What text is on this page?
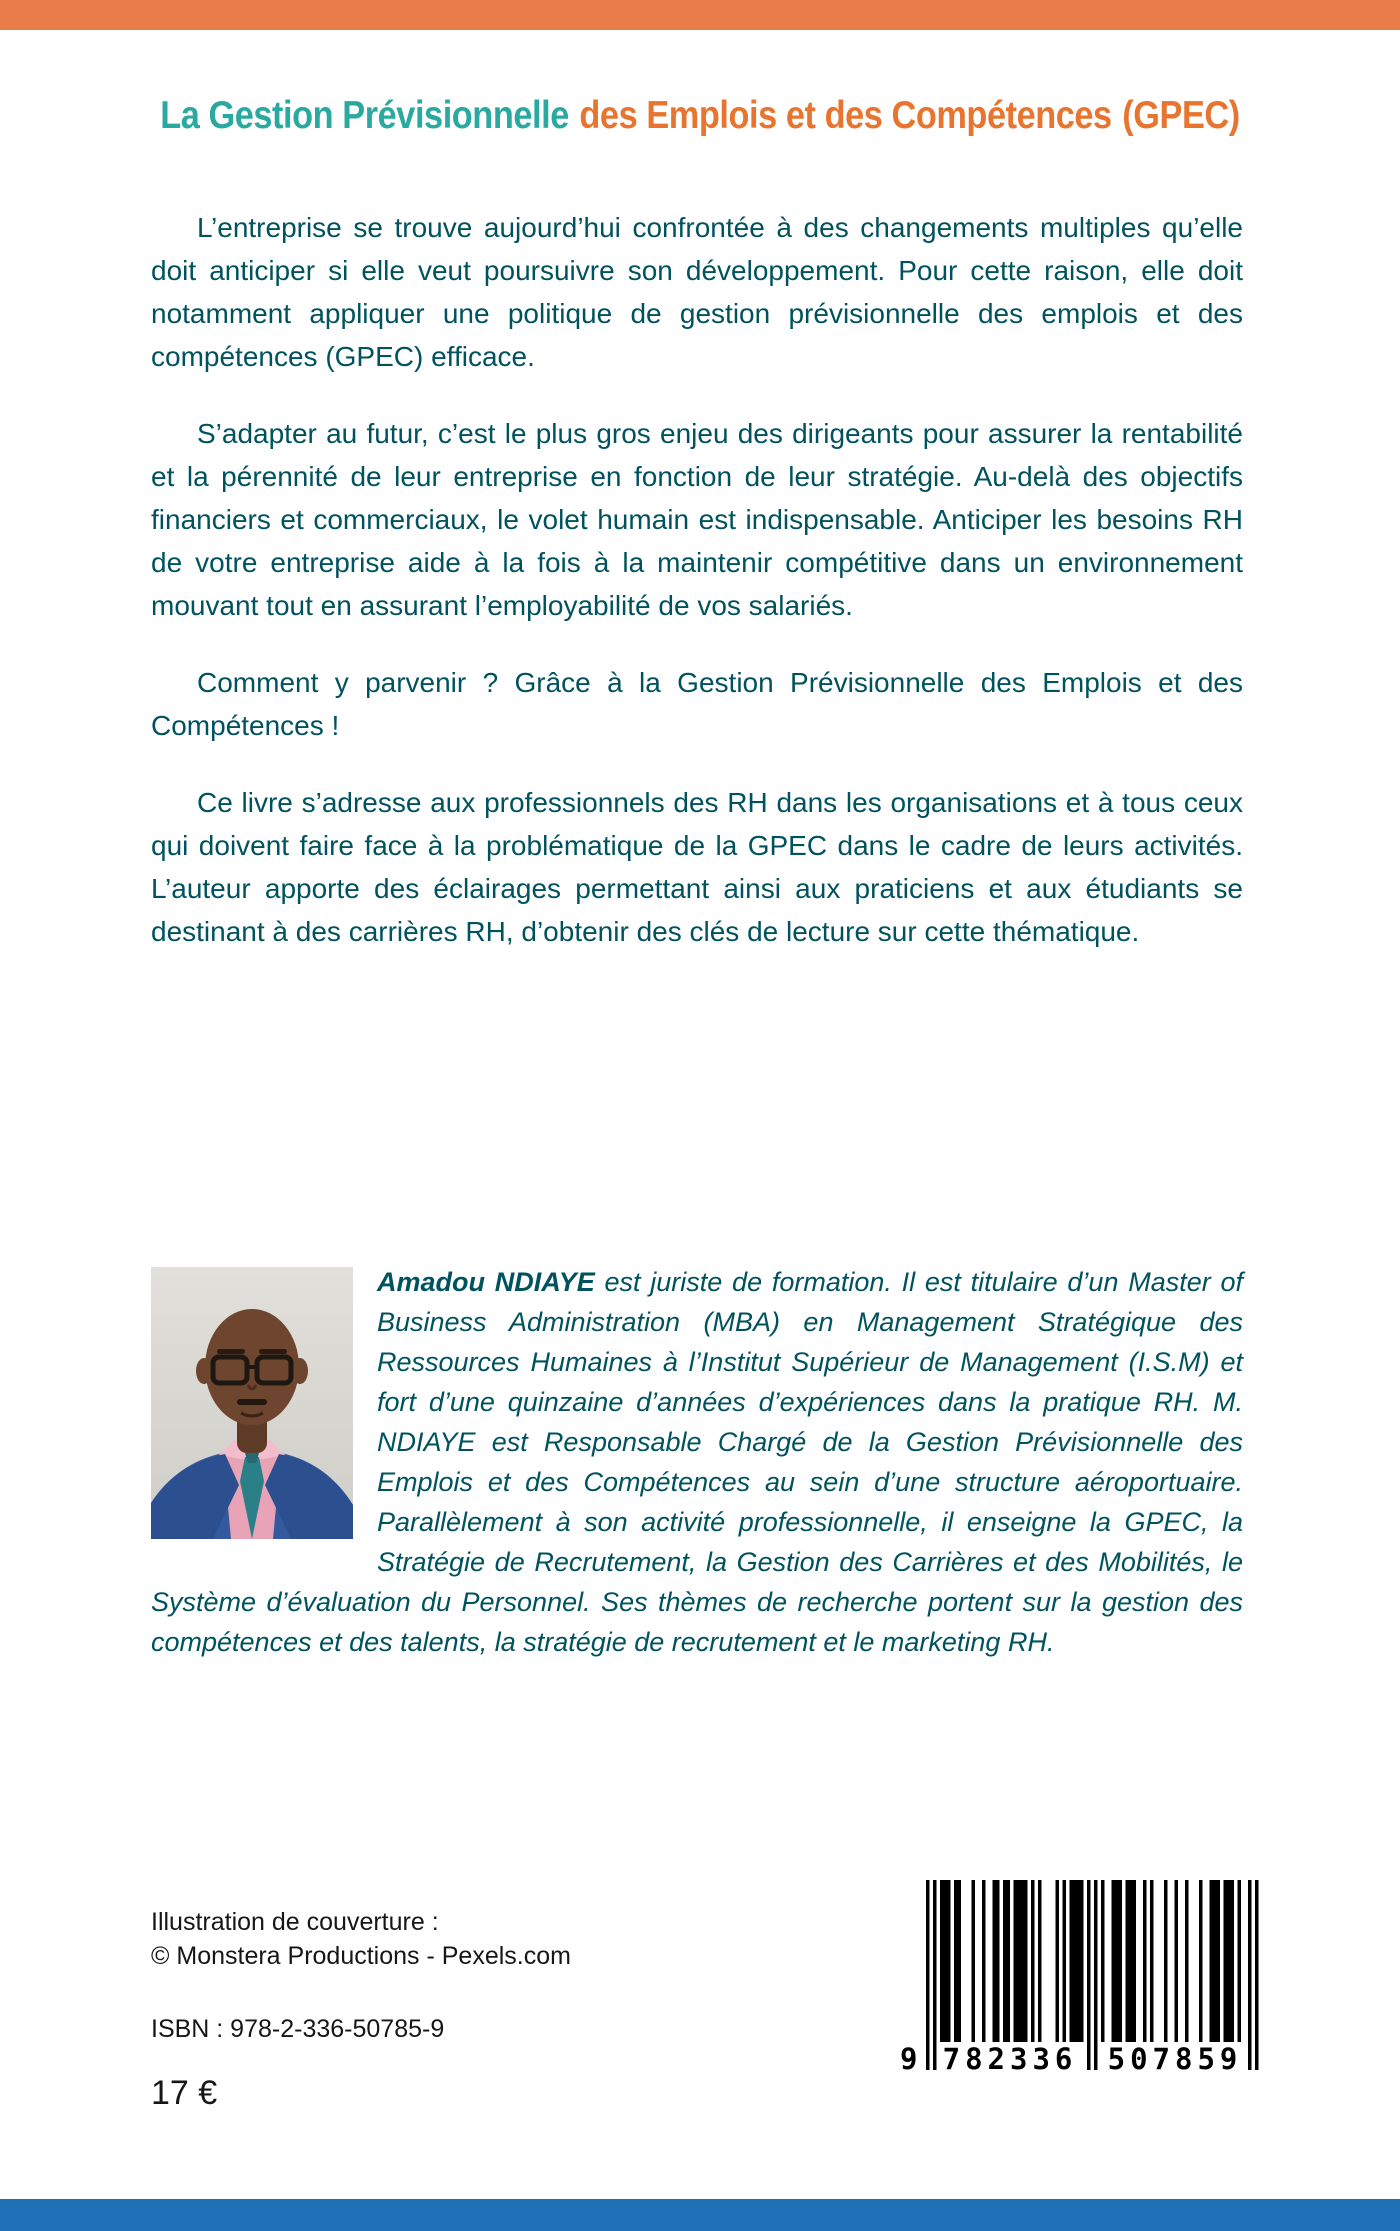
La Gestion Prévisionnelle des Emplois et des Compétences (GPEC)

L’entreprise se trouve aujourd’hui confrontée à des changements multiples qu’elle doit anticiper si elle veut poursuivre son développement. Pour cette raison, elle doit notamment appliquer une politique de gestion prévisionnelle des emplois et des compétences (GPEC) efficace.

S’adapter au futur, c’est le plus gros enjeu des dirigeants pour assurer la rentabilité et la pérennité de leur entreprise en fonction de leur stratégie. Au-delà des objectifs financiers et commerciaux, le volet humain est indispensable. Anticiper les besoins RH de votre entreprise aide à la fois à la maintenir compétitive dans un environnement mouvant tout en assurant l’employabilité de vos salariés.

Comment y parvenir ? Grâce à la Gestion Prévisionnelle des Emplois et des Compétences !

Ce livre s’adresse aux professionnels des RH dans les organisations et à tous ceux qui doivent faire face à la problématique de la GPEC dans le cadre de leurs activités. L’auteur apporte des éclairages permettant ainsi aux praticiens et aux étudiants se destinant à des carrières RH, d’obtenir des clés de lecture sur cette thématique.

Amadou NDIAYE est juriste de formation. Il est titulaire d’un Master of Business Administration (MBA) en Management Stratégique des Ressources Humaines à l’Institut Supérieur de Management (I.S.M) et fort d’une quinzaine d’années d’expériences dans la pratique RH. M. NDIAYE est Responsable Chargé de la Gestion Prévisionnelle des Emplois et des Compétences au sein d’une structure aéroportuaire. Parallèlement à son activité professionnelle, il enseigne la GPEC, la Stratégie de Recrutement, la Gestion des Carrières et des Mobilités, le Système d’évaluation du Personnel. Ses thèmes de recherche portent sur la gestion des compétences et des talents, la stratégie de recrutement et le marketing RH.

Illustration de couverture :
© Monstera Productions - Pexels.com

ISBN : 978-2-336-50785-9

17 €

9 782336 507859
